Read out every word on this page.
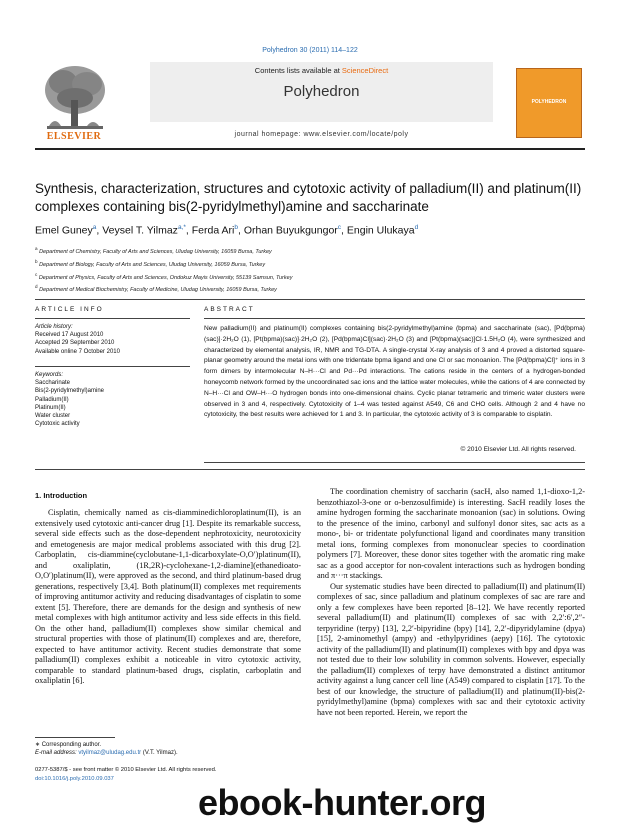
Polyhedron 30 (2011) 114–122
ELSEVIER
Contents lists available at ScienceDirect
Polyhedron
journal homepage: www.elsevier.com/locate/poly
POLYHEDRON
Synthesis, characterization, structures and cytotoxic activity of palladium(II) and platinum(II) complexes containing bis(2-pyridylmethyl)amine and saccharinate
Emel Guney$^a$, Veysel T. Yilmaz$^{a,*}$, Ferda Ari$^b$, Orhan Buyukgungor$^c$, Engin Ulukaya$^d$
$^a$ Department of Chemistry, Faculty of Arts and Sciences, Uludag University, 16059 Bursa, Turkey
$^b$ Department of Biology, Faculty of Arts and Sciences, Uludag University, 16059 Bursa, Turkey
$^c$ Department of Physics, Faculty of Arts and Sciences, Ondokuz Mayis University, 55139 Samsun, Turkey
$^d$ Department of Medical Biochemistry, Faculty of Medicine, Uludag University, 16059 Bursa, Turkey
ARTICLE INFO	ABSTRACT
Article history:
Received 17 August 2010
Accepted 29 September 2010
Available online 7 October 2010
Keywords:
Saccharinate
Bis(2-pyridylmethyl)amine
Palladium(II)
Platinum(II)
Water cluster
Cytotoxic activity
New palladium(II) and platinum(II) complexes containing bis(2-pyridylmethyl)amine (bpma) and saccharinate (sac), [Pd(bpma)(sac)]·2H₂O (1), [Pt(bpma)(sac)]·2H₂O (2), [Pd(bpma)Cl](sac)·2H₂O (3) and [Pt(bpma)(sac)]Cl·1.5H₂O (4), were synthesized and characterized by elemental analysis, IR, NMR and TG-DTA. A single-crystal X-ray analysis of 3 and 4 proved a distorted square-planar geometry around the metal ions with one tridentate bpma ligand and one Cl or sac monoanion. The [Pd(bpma)Cl]⁺ ions in 3 form dimers by intermolecular N–H···Cl and Pd···Pd interactions. The cations reside in the centers of a hydrogen-bonded honeycomb network formed by the uncoordinated sac ions and the lattice water molecules, while the cations of 4 are connected by N–H···Cl and OW–H···O hydrogen bonds into one-dimensional chains. Cyclic planar tetrameric and trimeric water clusters were observed in 3 and 4, respectively. Cytotoxicity of 1–4 was tested against A549, C6 and CHO cells. Although 2 and 4 have no cytotoxicity, the best results were achieved for 1 and 3. In particular, the cytotoxic activity of 3 is comparable to cisplatin.
© 2010 Elsevier Ltd. All rights reserved.
1. Introduction

Cisplatin, chemically named as cis-diamminedichloroplatinum(II), is an extensively used cytotoxic anti-cancer drug [1]. Despite its remarkable success, several side effects such as the dose-dependent nephrotoxicity, neurotoxicity and emetogenesis are major medical problems associated with this drug [2]. Carboplatin, cis-diammine(cyclobutane-1,1-dicarboxylate-O,O′)platinum(II), and oxaliplatin, (1R,2R)-cyclohexane-1,2-diamine](ethanedioato-O,O′)platinum(II), were approved as the second, and third platinum-based drug generations, respectively [3,4]. Both platinum(II) complexes met requirements of improving antitumor activity and reducing disadvantages of cisplatin to some extent [5]. Therefore, there are demands for the design and synthesis of new metal complexes with high antitumor activity and less side effects in this field. On the other hand, palladium(II) complexes show similar chemical and structural properties with those of platinum(II) complexes and are, therefore, expected to have antitumor activity. Recent studies demonstrate that some palladium(II) complexes exhibit a noticeable in vitro cytotoxic activity, comparable to standard platinum-based drugs, cisplatin, carboplatin and oxaliplatin [6].

The coordination chemistry of saccharin (sacH, also named 1,1-dioxo-1,2-benzothiazol-3-one or o-benzosulfimide) is interesting. SacH readily loses the amine hydrogen forming the saccharinate monoanion (sac) in solutions. Owing to the presence of the imino, carbonyl and sulfonyl donor sites, sac acts as a mono-, bi- or tridentate polyfunctional ligand and coordinates many transition metal ions, forming complexes from mononuclear species to coordination polymers [7]. Moreover, these donor sites together with the aromatic ring make sac as a good acceptor for non-covalent interactions such as hydrogen bonding and π···π stackings.

Our systematic studies have been directed to palladium(II) and platinum(II) complexes of sac, since palladium and platinum complexes of sac are rare and only a few complexes have been reported [8–12]. We have recently reported several palladium(II) and platinum(II) complexes of sac with 2,2′:6′,2″-terpyridine (terpy) [13], 2,2′-bipyridine (bpy) [14], 2,2′-dipyridylamine (dpya) [15], 2-aminomethyl (ampy) and -ethylpyridines (aepy) [16]. The cytotoxic activity of the palladium(II) and platinum(II) complexes with bpy and dpya was not tested due to their low solubility in common solvents. However, especially the palladium(II) complexes of terpy have demonstrated a distinct antitumor activity against a lung cancer cell line (A549) compared to cisplatin [17]. To the best of our knowledge, the structure of palladium(II) and platinum(II)-bis(2-pyridylmethyl)amine (bpma) complexes with sac and their cytotoxic activity have not been reported. Herein, we report the

∗ Corresponding author.
E-mail address: vtyilmaz@uludag.edu.tr (V.T. Yilmaz).
0277-5387/$ - see front matter © 2010 Elsevier Ltd. All rights reserved.
doi:10.1016/j.poly.2010.09.037
ebook-hunter.org
